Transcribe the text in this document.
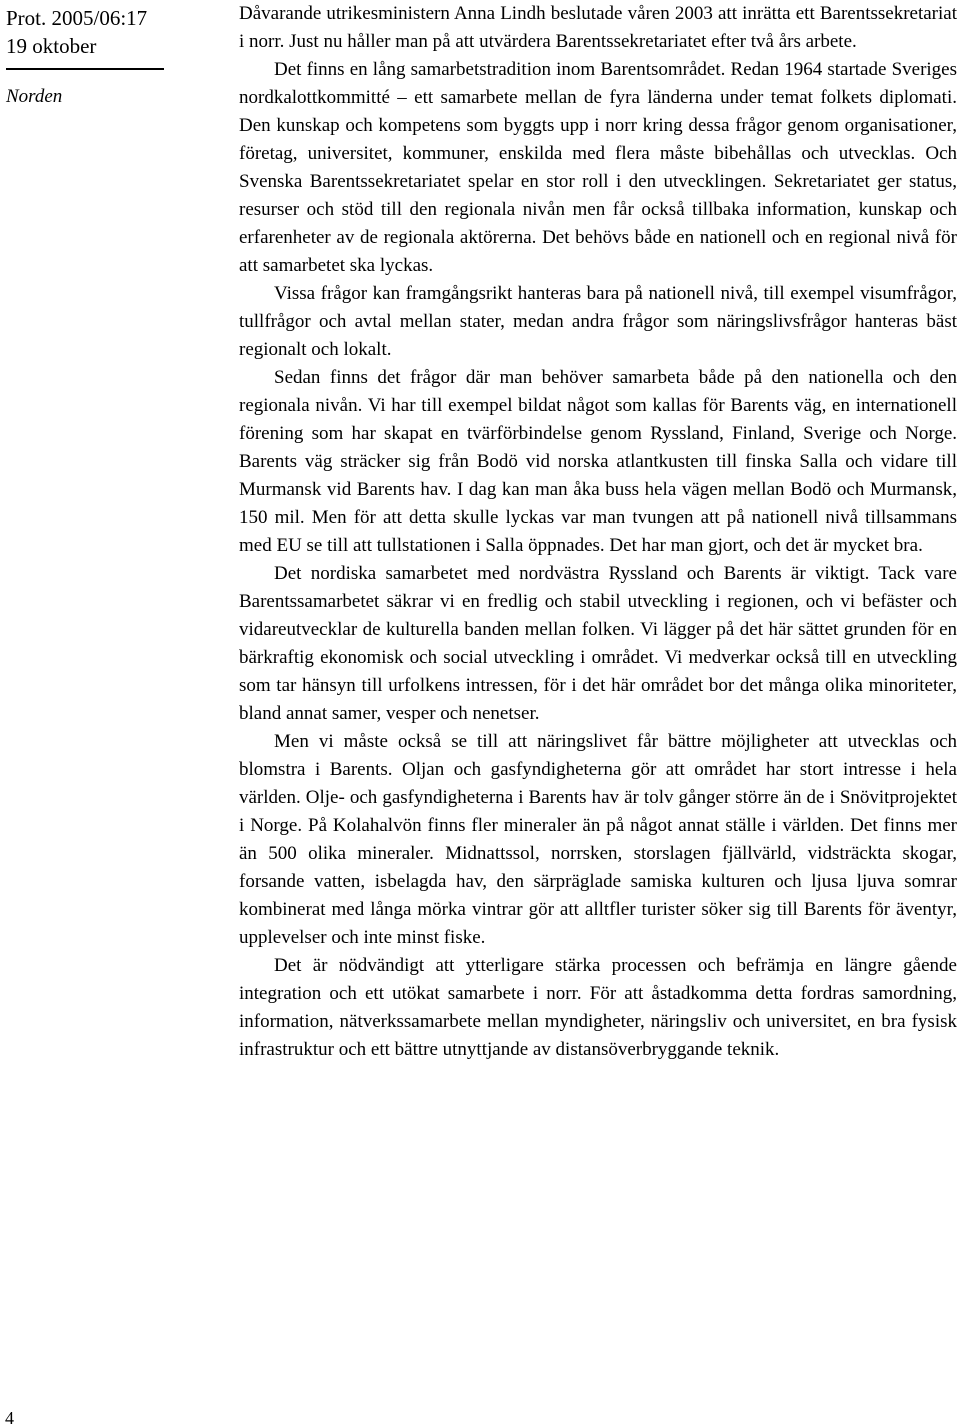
Prot. 2005/06:17
19 oktober
Norden

Dåvarande utrikesministern Anna Lindh beslutade våren 2003 att inrätta ett Barentssekretariat i norr. Just nu håller man på att utvärdera Barentssekretariatet efter två års arbete.

Det finns en lång samarbetstradition inom Barentsområdet. Redan 1964 startade Sveriges nordkalottkommitté – ett samarbete mellan de fyra länderna under temat folkets diplomati. Den kunskap och kompetens som byggts upp i norr kring dessa frågor genom organisationer, företag, universitet, kommuner, enskilda med flera måste bibehållas och utvecklas. Och Svenska Barentssekretariatet spelar en stor roll i den utvecklingen. Sekretariatet ger status, resurser och stöd till den regionala nivån men får också tillbaka information, kunskap och erfarenheter av de regionala aktörerna. Det behövs både en nationell och en regional nivå för att samarbetet ska lyckas.

Vissa frågor kan framgångsrikt hanteras bara på nationell nivå, till exempel visumfrågor, tullfrågor och avtal mellan stater, medan andra frågor som näringslivsfrågor hanteras bäst regionalt och lokalt.

Sedan finns det frågor där man behöver samarbeta både på den nationella och den regionala nivån. Vi har till exempel bildat något som kallas för Barents väg, en internationell förening som har skapat en tvärförbindelse genom Ryssland, Finland, Sverige och Norge. Barents väg sträcker sig från Bodö vid norska atlantkusten till finska Salla och vidare till Murmansk vid Barents hav. I dag kan man åka buss hela vägen mellan Bodö och Murmansk, 150 mil. Men för att detta skulle lyckas var man tvungen att på nationell nivå tillsammans med EU se till att tullstationen i Salla öppnades. Det har man gjort, och det är mycket bra.

Det nordiska samarbetet med nordvästra Ryssland och Barents är viktigt. Tack vare Barentssamarbetet säkrar vi en fredlig och stabil utveckling i regionen, och vi befäster och vidareutvecklar de kulturella banden mellan folken. Vi lägger på det här sättet grunden för en bärkraftig ekonomisk och social utveckling i området. Vi medverkar också till en utveckling som tar hänsyn till urfolkens intressen, för i det här området bor det många olika minoriteter, bland annat samer, vesper och nenetser.

Men vi måste också se till att näringslivet får bättre möjligheter att utvecklas och blomstra i Barents. Oljan och gasfyndigheterna gör att området har stort intresse i hela världen. Olje- och gasfyndigheterna i Barents hav är tolv gånger större än de i Snövitprojektet i Norge. På Kolahalvön finns fler mineraler än på något annat ställe i världen. Det finns mer än 500 olika mineraler. Midnattssol, norrsken, storslagen fjällvärld, vidsträckta skogar, forsande vatten, isbelagda hav, den särpräglade samiska kulturen och ljusa ljuva somrar kombinerat med långa mörka vintrar gör att alltfler turister söker sig till Barents för äventyr, upplevelser och inte minst fiske.

Det är nödvändigt att ytterligare stärka processen och befrämja en längre gående integration och ett utökat samarbete i norr. För att åstadkomma detta fordras samordning, information, nätverkssamarbete mellan myndigheter, näringsliv och universitet, en bra fysisk infrastruktur och ett bättre utnyttjande av distansöverbryggande teknik.

4
